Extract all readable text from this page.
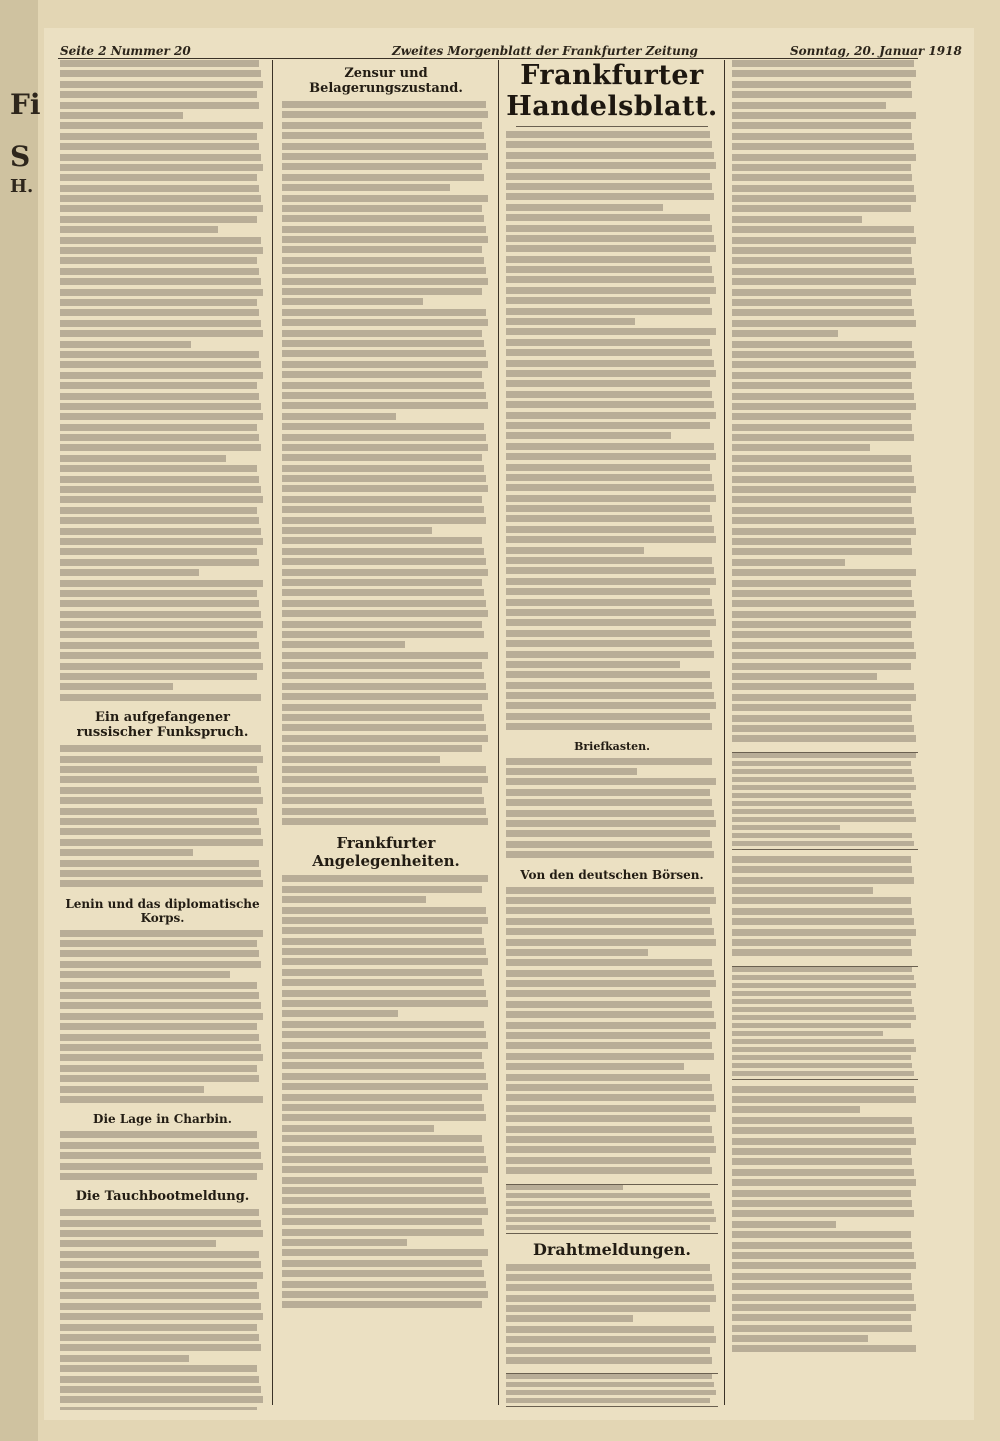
Fi
S
H.
Seite 2 Nummer 20	Zweites Morgenblatt der Frankfurter Zeitung	Sonntag, 20. Januar 1918
Ein aufgefangener russischer Funkspruch.
Lenin und das diplomatische Korps.
Die Lage in Charbin.
Die Tauchbootmeldung.
Zensur und Belagerungszustand.
Frankfurter Angelegenheiten.
Frankfurter Handelsblatt.
Briefkasten.
Von den deutschen Börsen.
Drahtmeldungen.
